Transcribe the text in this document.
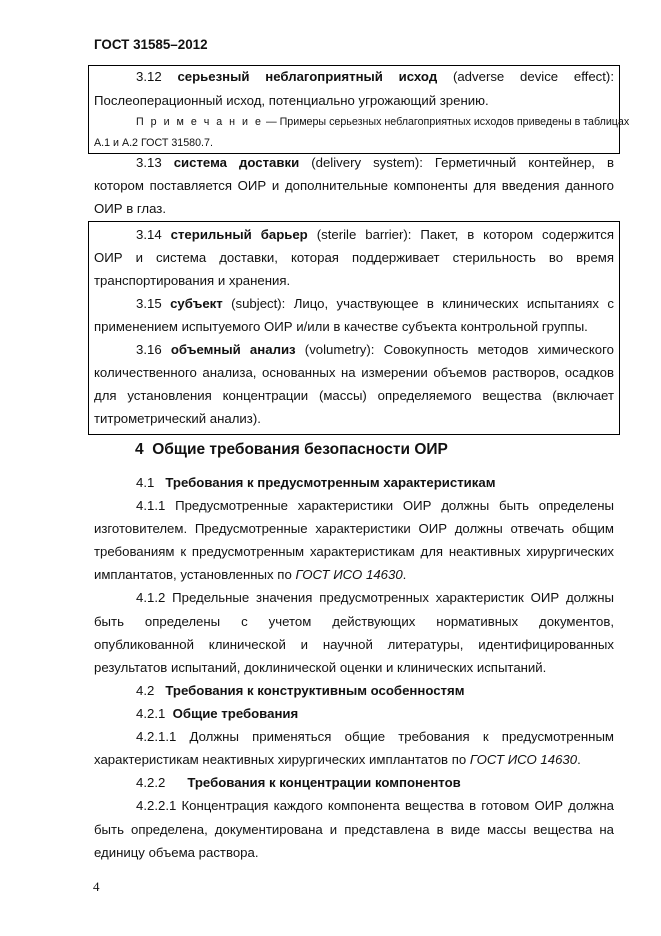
ГОСТ 31585–2012
3.12 серьезный неблагоприятный исход (adverse device effect):
Послеоперационный исход, потенциально угрожающий зрению.
П р и м е ч а н и е — Примеры серьезных неблагоприятных исходов приведены в таблицах
А.1 и А.2 ГОСТ 31580.7.
3.13 система доставки (delivery system): Герметичный контейнер, в
котором поставляется ОИР и дополнительные компоненты для введения данного
ОИР в глаз.
3.14 стерильный барьер (sterile barrier): Пакет, в котором содержится
ОИР и система доставки, которая поддерживает стерильность во время
транспортирования и хранения.
3.15 субъект (subject): Лицо, участвующее в клинических испытаниях с
применением испытуемого ОИР и/или в качестве субъекта контрольной группы.
3.16 объемный анализ (volumetry): Совокупность методов химического
количественного анализа, основанных на измерении объемов растворов, осадков
для установления концентрации (массы) определяемого вещества (включает
титрометрический анализ).
4  Общие требования безопасности ОИР
4.1 Требования к предусмотренным характеристикам
4.1.1 Предусмотренные характеристики ОИР должны быть определены
изготовителем. Предусмотренные характеристики ОИР должны отвечать общим
требованиям к предусмотренным характеристикам для неактивных хирургических
имплантатов, установленных по ГОСТ ИСО 14630.
4.1.2 Предельные значения предусмотренных характеристик ОИР должны
быть определены с учетом действующих нормативных документов,
опубликованной клинической и научной литературы, идентифицированных
результатов испытаний, доклинической оценки и клинических испытаний.
4.2 Требования к конструктивным особенностям
4.2.1 Общие требования
4.2.1.1 Должны применяться общие требования к предусмотренным
характеристикам неактивных хирургических имплантатов по ГОСТ ИСО 14630.
4.2.2 Требования к концентрации компонентов
4.2.2.1 Концентрация каждого компонента вещества в готовом ОИР должна
быть определена, документирована и представлена в виде массы вещества на
единицу объема раствора.
4
